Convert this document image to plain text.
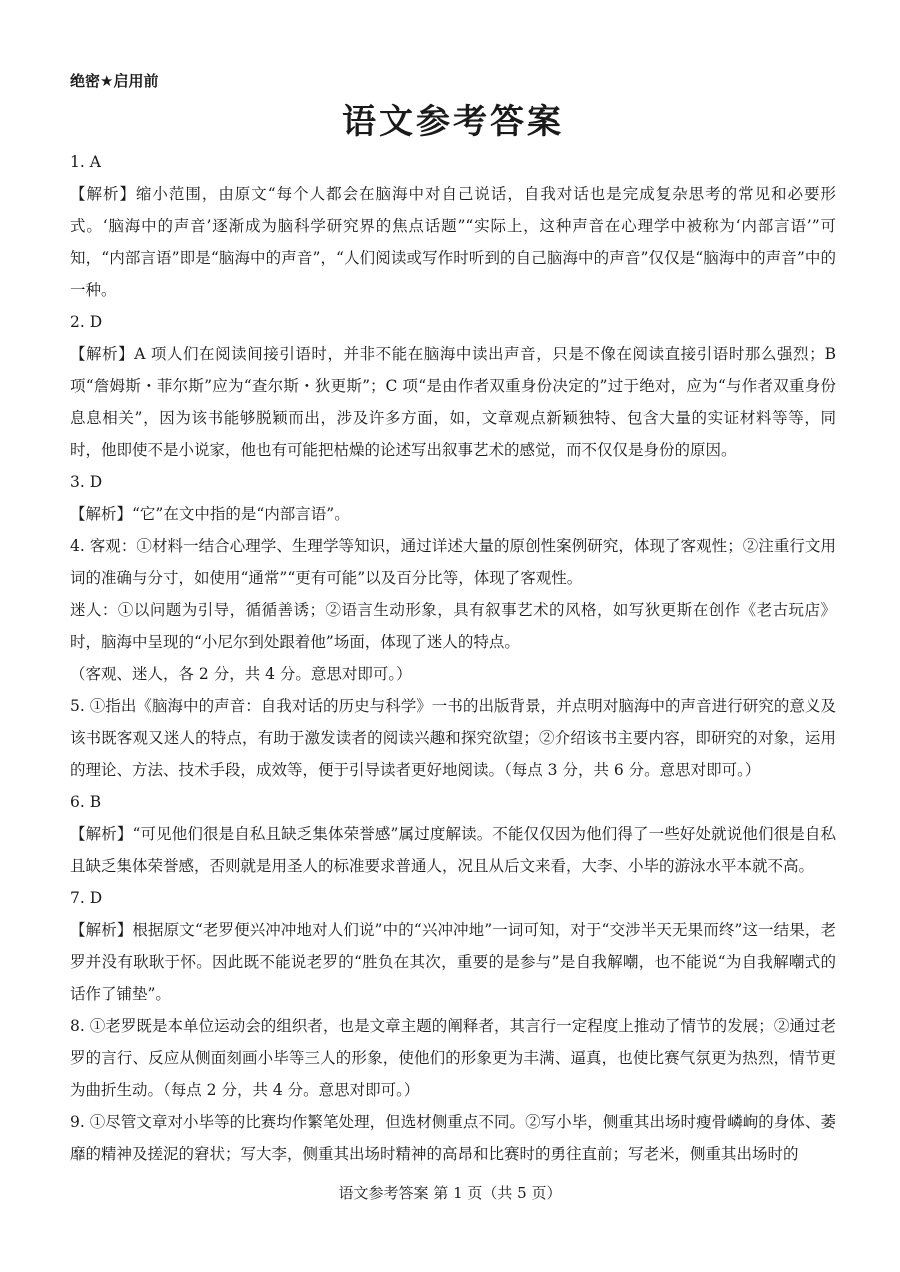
绝密★启用前

语文参考答案

1. A

【解析】缩小范围，由原文“每个人都会在脑海中对自己说话，自我对话也是完成复杂思考的常见和必要形式。‘脑海中的声音’逐渐成为脑科学研究界的焦点话题”“实际上，这种声音在心理学中被称为‘内部言语’”可知，“内部言语”即是“脑海中的声音”，“人们阅读或写作时听到的自己脑海中的声音”仅仅是“脑海中的声音”中的一种。

2. D

【解析】A 项人们在阅读间接引语时，并非不能在脑海中读出声音，只是不像在阅读直接引语时那么强烈；B 项“詹姆斯・菲尔斯”应为“查尔斯・狄更斯”；C 项“是由作者双重身份决定的”过于绝对，应为“与作者双重身份息息相关”，因为该书能够脱颖而出，涉及许多方面，如，文章观点新颖独特、包含大量的实证材料等等，同时，他即使不是小说家，他也有可能把枯燥的论述写出叙事艺术的感觉，而不仅仅是身份的原因。

3. D

【解析】“它”在文中指的是“内部言语”。

4. 客观：①材料一结合心理学、生理学等知识，通过详述大量的原创性案例研究，体现了客观性；②注重行文用词的准确与分寸，如使用“通常”“更有可能”以及百分比等，体现了客观性。

迷人：①以问题为引导，循循善诱；②语言生动形象，具有叙事艺术的风格，如写狄更斯在创作《老古玩店》时，脑海中呈现的“小尼尔到处跟着他”场面，体现了迷人的特点。

（客观、迷人，各 2 分，共 4 分。意思对即可。）

5. ①指出《脑海中的声音：自我对话的历史与科学》一书的出版背景，并点明对脑海中的声音进行研究的意义及该书既客观又迷人的特点，有助于激发读者的阅读兴趣和探究欲望；②介绍该书主要内容，即研究的对象，运用的理论、方法、技术手段，成效等，便于引导读者更好地阅读。（每点 3 分，共 6 分。意思对即可。）

6. B

【解析】“可见他们很是自私且缺乏集体荣誉感”属过度解读。不能仅仅因为他们得了一些好处就说他们很是自私且缺乏集体荣誉感，否则就是用圣人的标准要求普通人，况且从后文来看，大李、小毕的游泳水平本就不高。

7. D

【解析】根据原文“老罗便兴冲冲地对人们说”中的“兴冲冲地”一词可知，对于“交涉半天无果而终”这一结果，老罗并没有耿耿于怀。因此既不能说老罗的“胜负在其次，重要的是参与”是自我解嘲，也不能说“为自我解嘲式的话作了铺垫”。

8. ①老罗既是本单位运动会的组织者，也是文章主题的阐释者，其言行一定程度上推动了情节的发展；②通过老罗的言行、反应从侧面刻画小毕等三人的形象，使他们的形象更为丰满、逼真，也使比赛气氛更为热烈，情节更为曲折生动。（每点 2 分，共 4 分。意思对即可。）

9. ①尽管文章对小毕等的比赛均作繁笔处理，但选材侧重点不同。②写小毕，侧重其出场时瘦骨嶙峋的身体、萎靡的精神及搓泥的窘状；写大李，侧重其出场时精神的高昂和比赛时的勇往直前；写老米，侧重其出场时的

语文参考答案 第 1 页（共 5 页）
